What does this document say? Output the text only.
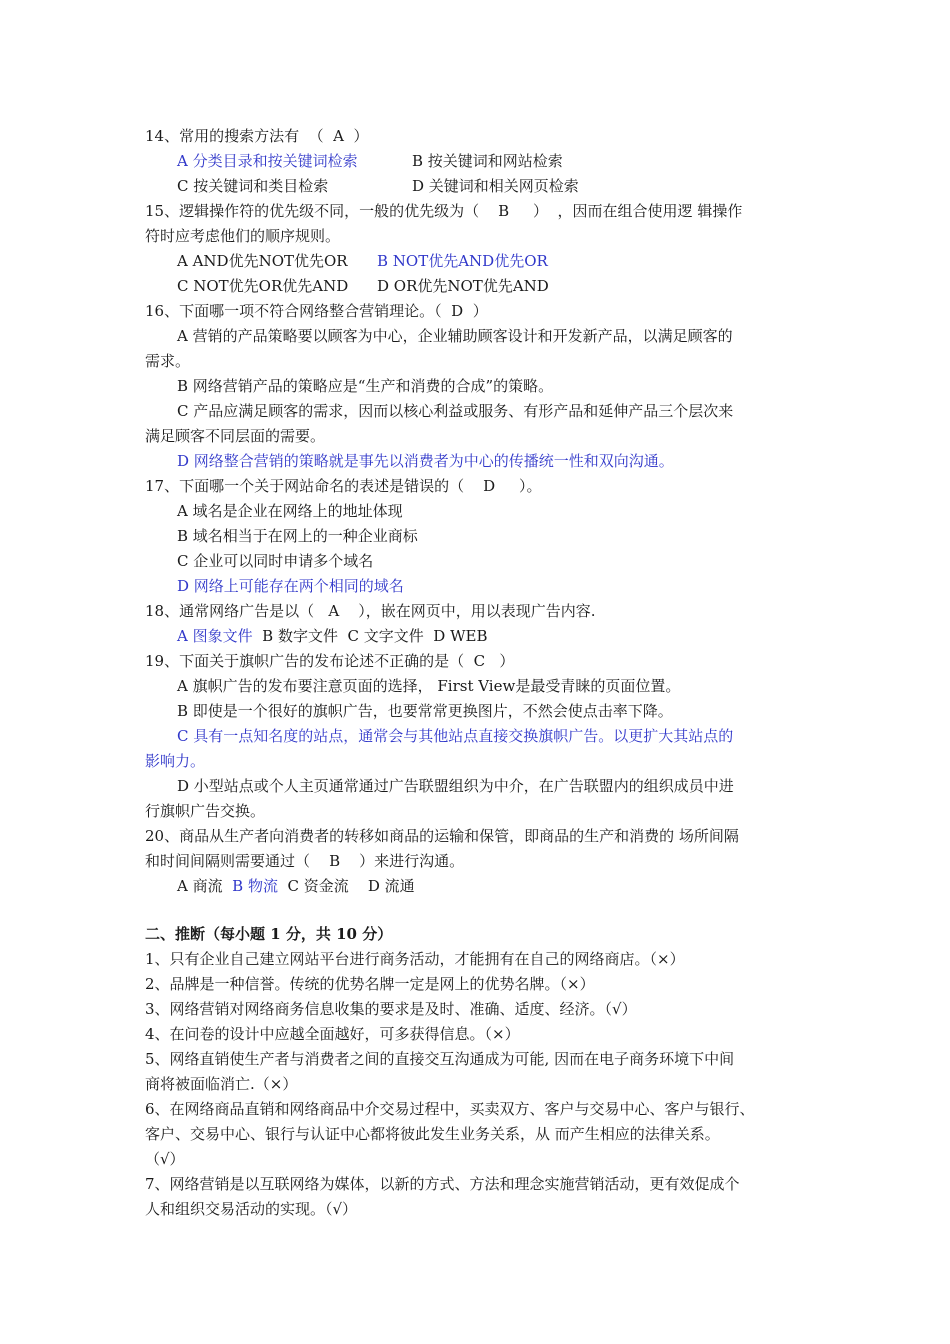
14、常用的搜索方法有  （  A  ）
A 分类目录和按关键词检索	B 按关键词和网站检索
C 按关键词和类目检索	D 关键词和相关网页检索
15、逻辑操作符的优先级不同，一般的优先级为（    B     ）  ，因而在组合使用逻 辑操作
符时应考虑他们的顺序规则。
A AND优先NOT优先OR B NOT优先AND优先OR
C NOT优先OR优先AND D OR优先NOT优先AND
16、下面哪一项不符合网络整合营销理论。（  D  ）
A 营销的产品策略要以顾客为中心，企业辅助顾客设计和开发新产品，以满足顾客的
需求。
B 网络营销产品的策略应是“生产和消费的合成”的策略。
C 产品应满足顾客的需求，因而以核心利益或服务、有形产品和延伸产品三个层次来
满足顾客不同层面的需要。
D 网络整合营销的策略就是事先以消费者为中心的传播统一性和双向沟通。
17、下面哪一个关于网站命名的表述是错误的（    D     ）。
A 域名是企业在网络上的地址体现
B 域名相当于在网上的一种企业商标
C 企业可以同时申请多个域名
D 网络上可能存在两个相同的域名
18、通常网络广告是以（   A    ），嵌在网页中，用以表现广告内容.
A 图象文件 B 数字文件 C 文字文件 D WEB
19、下面关于旗帜广告的发布论述不正确的是（  C   ）
A 旗帜广告的发布要注意页面的选择， First View是最受青睐的页面位置。
B 即使是一个很好的旗帜广告，也要常常更换图片，不然会使点击率下降。
C 具有一点知名度的站点，通常会与其他站点直接交换旗帜广告。以更扩大其站点的
影响力。
D 小型站点或个人主页通常通过广告联盟组织为中介，在广告联盟内的组织成员中进
行旗帜广告交换。
20、商品从生产者向消费者的转移如商品的运输和保管，即商品的生产和消费的 场所间隔
和时间间隔则需要通过（    B    ）来进行沟通。
A 商流 B 物流 C 资金流 D 流通
二、推断（每小题 1 分，共 10 分）
1、只有企业自己建立网站平台进行商务活动，才能拥有在自己的网络商店。（×）
2、品牌是一种信誉。传统的优势名牌一定是网上的优势名牌。（×）
3、网络营销对网络商务信息收集的要求是及时、准确、适度、经济。（√）
4、在问卷的设计中应越全面越好，可多获得信息。（×）
5、网络直销使生产者与消费者之间的直接交互沟通成为可能, 因而在电子商务环境下中间
商将被面临消亡.（×）
6、在网络商品直销和网络商品中介交易过程中，买卖双方、客户与交易中心、客户与银行、
客户、交易中心、银行与认证中心都将彼此发生业务关系，从 而产生相应的法律关系。
（√）
7、网络营销是以互联网络为媒体，以新的方式、方法和理念实施营销活动，更有效促成个
人和组织交易活动的实现。（√）
